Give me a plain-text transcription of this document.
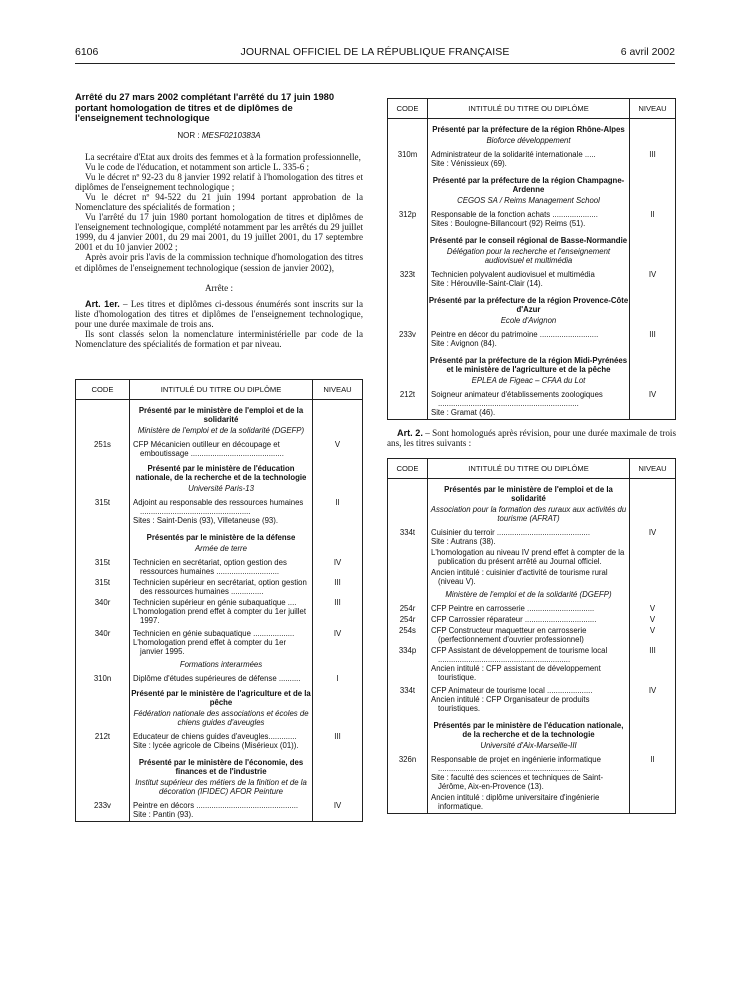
6106	JOURNAL OFFICIEL DE LA RÉPUBLIQUE FRANÇAISE	6 avril 2002
Arrêté du 27 mars 2002 complétant l'arrêté du 17 juin 1980 portant homologation de titres et de diplômes de l'enseignement technologique
NOR : MESF0210383A
La secrétaire d'Etat aux droits des femmes et à la formation professionnelle,
Vu le code de l'éducation, et notamment son article L. 335-6 ;
Vu le décret nº 92-23 du 8 janvier 1992 relatif à l'homologation des titres et diplômes de l'enseignement technologique ;
Vu le décret nº 94-522 du 21 juin 1994 portant approbation de la Nomenclature des spécialités de formation ;
Vu l'arrêté du 17 juin 1980 portant homologation de titres et diplômes de l'enseignement technologique, complété notamment par les arrêtés du 29 juillet 1999, du 4 janvier 2001, du 29 mai 2001, du 19 juillet 2001, du 17 septembre 2001 et du 10 janvier 2002 ;
Après avoir pris l'avis de la commission technique d'homologation des titres et diplômes de l'enseignement technologique (session de janvier 2002),
Arrête :
Art. 1er. – Les titres et diplômes ci-dessous énumérés sont inscrits sur la liste d'homologation des titres et diplômes de l'enseignement technologique, pour une durée maximale de trois ans.
Ils sont classés selon la nomenclature interministérielle par code de la Nomenclature des spécialités de formation et par niveau.
CODE	INTITULÉ DU TITRE OU DIPLÔME	NIVEAU

	Présenté par le ministère de l'emploi et de la solidarité	

	Ministère de l'emploi et de la solidarité (DGEFP)	

251s	CFP Mécanicien outilleur en découpage et emboutissage ...........................................	V

	Présenté par le ministère de l'éducation nationale, de la recherche et de la technologie	

	Université Paris-13	

315t	Adjoint au responsable des ressources humaines ...................................................
Sites : Saint-Denis (93), Villetaneuse (93).	II

	Présentés par le ministère de la défense	

	Armée de terre	

315t	Technicien en secrétariat, option gestion des ressources humaines .............................	IV

315t	Technicien supérieur en secrétariat, option gestion des ressources humaines ...............	III

340r	Technicien supérieur en génie subaquatique ....
L'homologation prend effet à compter du 1er juillet 1997.	III

340r	Technicien en génie subaquatique ...................
L'homologation prend effet à compter du 1er janvier 1995.	IV

	Formations interarmées	

310n	Diplôme d'études supérieures de défense ..........	I

	Présenté par le ministère de l'agriculture et de la pêche	

	Fédération nationale des associations et écoles de chiens guides d'aveugles	

212t	Educateur de chiens guides d'aveugles.............
Site : lycée agricole de Cibeins (Misérieux (01)).	III

	Présenté par le ministère de l'économie, des finances et de l'industrie	

	Institut supérieur des métiers de la finition et de la décoration (IFIDEC) AFOR Peinture	

233v	Peintre en décors ...............................................
Site : Pantin (93).	IV
CODE	INTITULÉ DU TITRE OU DIPLÔME	NIVEAU

	Présenté par la préfecture de la région Rhône-Alpes	

	Bioforce développement	

310m	Administrateur de la solidarité internationale .....
Site : Vénissieux (69).	III

	Présenté par la préfecture de la région Champagne-Ardenne	

	CEGOS SA / Reims Management School	

312p	Responsable de la fonction achats .....................
Sites : Boulogne-Billancourt (92) Reims (51).	II

	Présenté par le conseil régional de Basse-Normandie	

	Délégation pour la recherche et l'enseignement audiovisuel et multimédia	

323t	Technicien polyvalent audiovisuel et multimédia
Site : Hérouville-Saint-Clair (14).	IV

	Présenté par la préfecture de la région Provence-Côte d'Azur	

	Ecole d'Avignon	

233v	Peintre en décor du patrimoine ...........................
Site : Avignon (84).	III

	Présenté par la préfecture de la région Midi-Pyrénées et le ministère de l'agriculture et de la pêche	

	EPLEA de Figeac – CFAA du Lot	

212t	Soigneur animateur d'établissements zoologiques .................................................................
Site : Gramat (46).	IV
Art. 2. – Sont homologués après révision, pour une durée maximale de trois ans, les titres suivants :
CODE	INTITULÉ DU TITRE OU DIPLÔME	NIVEAU

	Présentés par le ministère de l'emploi et de la solidarité	

	Association pour la formation des ruraux aux activités du tourisme (AFRAT)	

334t	Cuisinier du terroir ...........................................
Site : Autrans (38).
L'homologation au niveau IV prend effet à compter de la publication du présent arrêté au Journal officiel.
Ancien intitulé : cuisinier d'activité de tourisme rural (niveau V).	IV

	Ministère de l'emploi et de la solidarité (DGEFP)	

254r	CFP Peintre en carrosserie ...............................	V

254r	CFP Carrossier réparateur .................................	V

254s	CFP Constructeur maquetteur en carrosserie (perfectionnement d'ouvrier professionnel)	V

334p	CFP Assistant de développement de tourisme local .............................................................
Ancien intitulé : CFP assistant de développement touristique.	III

334t	CFP Animateur de tourisme local .....................
Ancien intitulé : CFP Organisateur de produits touristiques.	IV

	Présentés par le ministère de l'éducation nationale, de la recherche et de la technologie	

	Université d'Aix-Marseille-III	

326n	Responsable de projet en ingénierie informatique .................................................................
Site : faculté des sciences et techniques de Saint-Jérôme, Aix-en-Provence (13).
Ancien intitulé : diplôme universitaire d'ingénierie informatique.	II
